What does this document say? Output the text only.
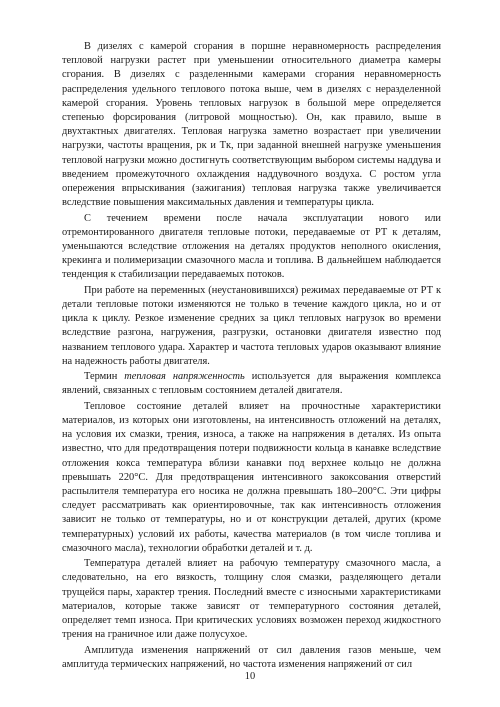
В дизелях с камерой сгорания в поршне неравномерность распределения тепловой нагрузки растет при уменьшении относительного диаметра камеры сгорания. В дизелях с разделенными камерами сгорания неравномерность распределения удельного теплового потока выше, чем в дизелях с неразделенной камерой сгорания. Уровень тепловых нагрузок в большой мере определяется степенью форсирования (литровой мощностью). Он, как правило, выше в двухтактных двигателях. Тепловая нагрузка заметно возрастает при увеличении нагрузки, частоты вращения, pк и Tк, при заданной внешней нагрузке уменьшения тепловой нагрузки можно достигнуть соответствующим выбором системы наддува и введением промежуточного охлаждения наддувочного воздуха. С ростом угла опережения впрыскивания (зажигания) тепловая нагрузка также увеличивается вследствие повышения максимальных давления и температуры цикла.

С течением времени после начала эксплуатации нового или отремонтированного двигателя тепловые потоки, передаваемые от РТ к деталям, уменьшаются вследствие отложения на деталях продуктов неполного окисления, крекинга и полимеризации смазочного масла и топлива. В дальнейшем наблюдается тенденция к стабилизации передаваемых потоков.

При работе на переменных (неустановившихся) режимах передаваемые от РТ к детали тепловые потоки изменяются не только в течение каждого цикла, но и от цикла к циклу. Резкое изменение средних за цикл тепловых нагрузок во времени вследствие разгона, нагружения, разгрузки, остановки двигателя известно под названием теплового удара. Характер и частота тепловых ударов оказывают влияние на надежность работы двигателя.

Термин тепловая напряженность используется для выражения комплекса явлений, связанных с тепловым состоянием деталей двигателя.

Тепловое состояние деталей влияет на прочностные характеристики материалов, из которых они изготовлены, на интенсивность отложений на деталях, на условия их смазки, трения, износа, а также на напряжения в деталях. Из опыта известно, что для предотвращения потери подвижности кольца в канавке вследствие отложения кокса температура вблизи канавки под верхнее кольцо не должна превышать 220°С. Для предотвращения интенсивного закоксования отверстий распылителя температура его носика не должна превышать 180–200°С. Эти цифры следует рассматривать как ориентировочные, так как интенсивность отложения зависит не только от температуры, но и от конструкции деталей, других (кроме температурных) условий их работы, качества материалов (в том числе топлива и смазочного масла), технологии обработки деталей и т. д.

Температура деталей влияет на рабочую температуру смазочного масла, а следовательно, на его вязкость, толщину слоя смазки, разделяющего детали трущейся пары, характер трения. Последний вместе с износными характеристиками материалов, которые также зависят от температурного состояния деталей, определяет темп износа. При критических условиях возможен переход жидкостного трения на граничное или даже полусухое.

Амплитуда изменения напряжений от сил давления газов меньше, чем амплитуда термических напряжений, но частота изменения напряжений от сил

10
